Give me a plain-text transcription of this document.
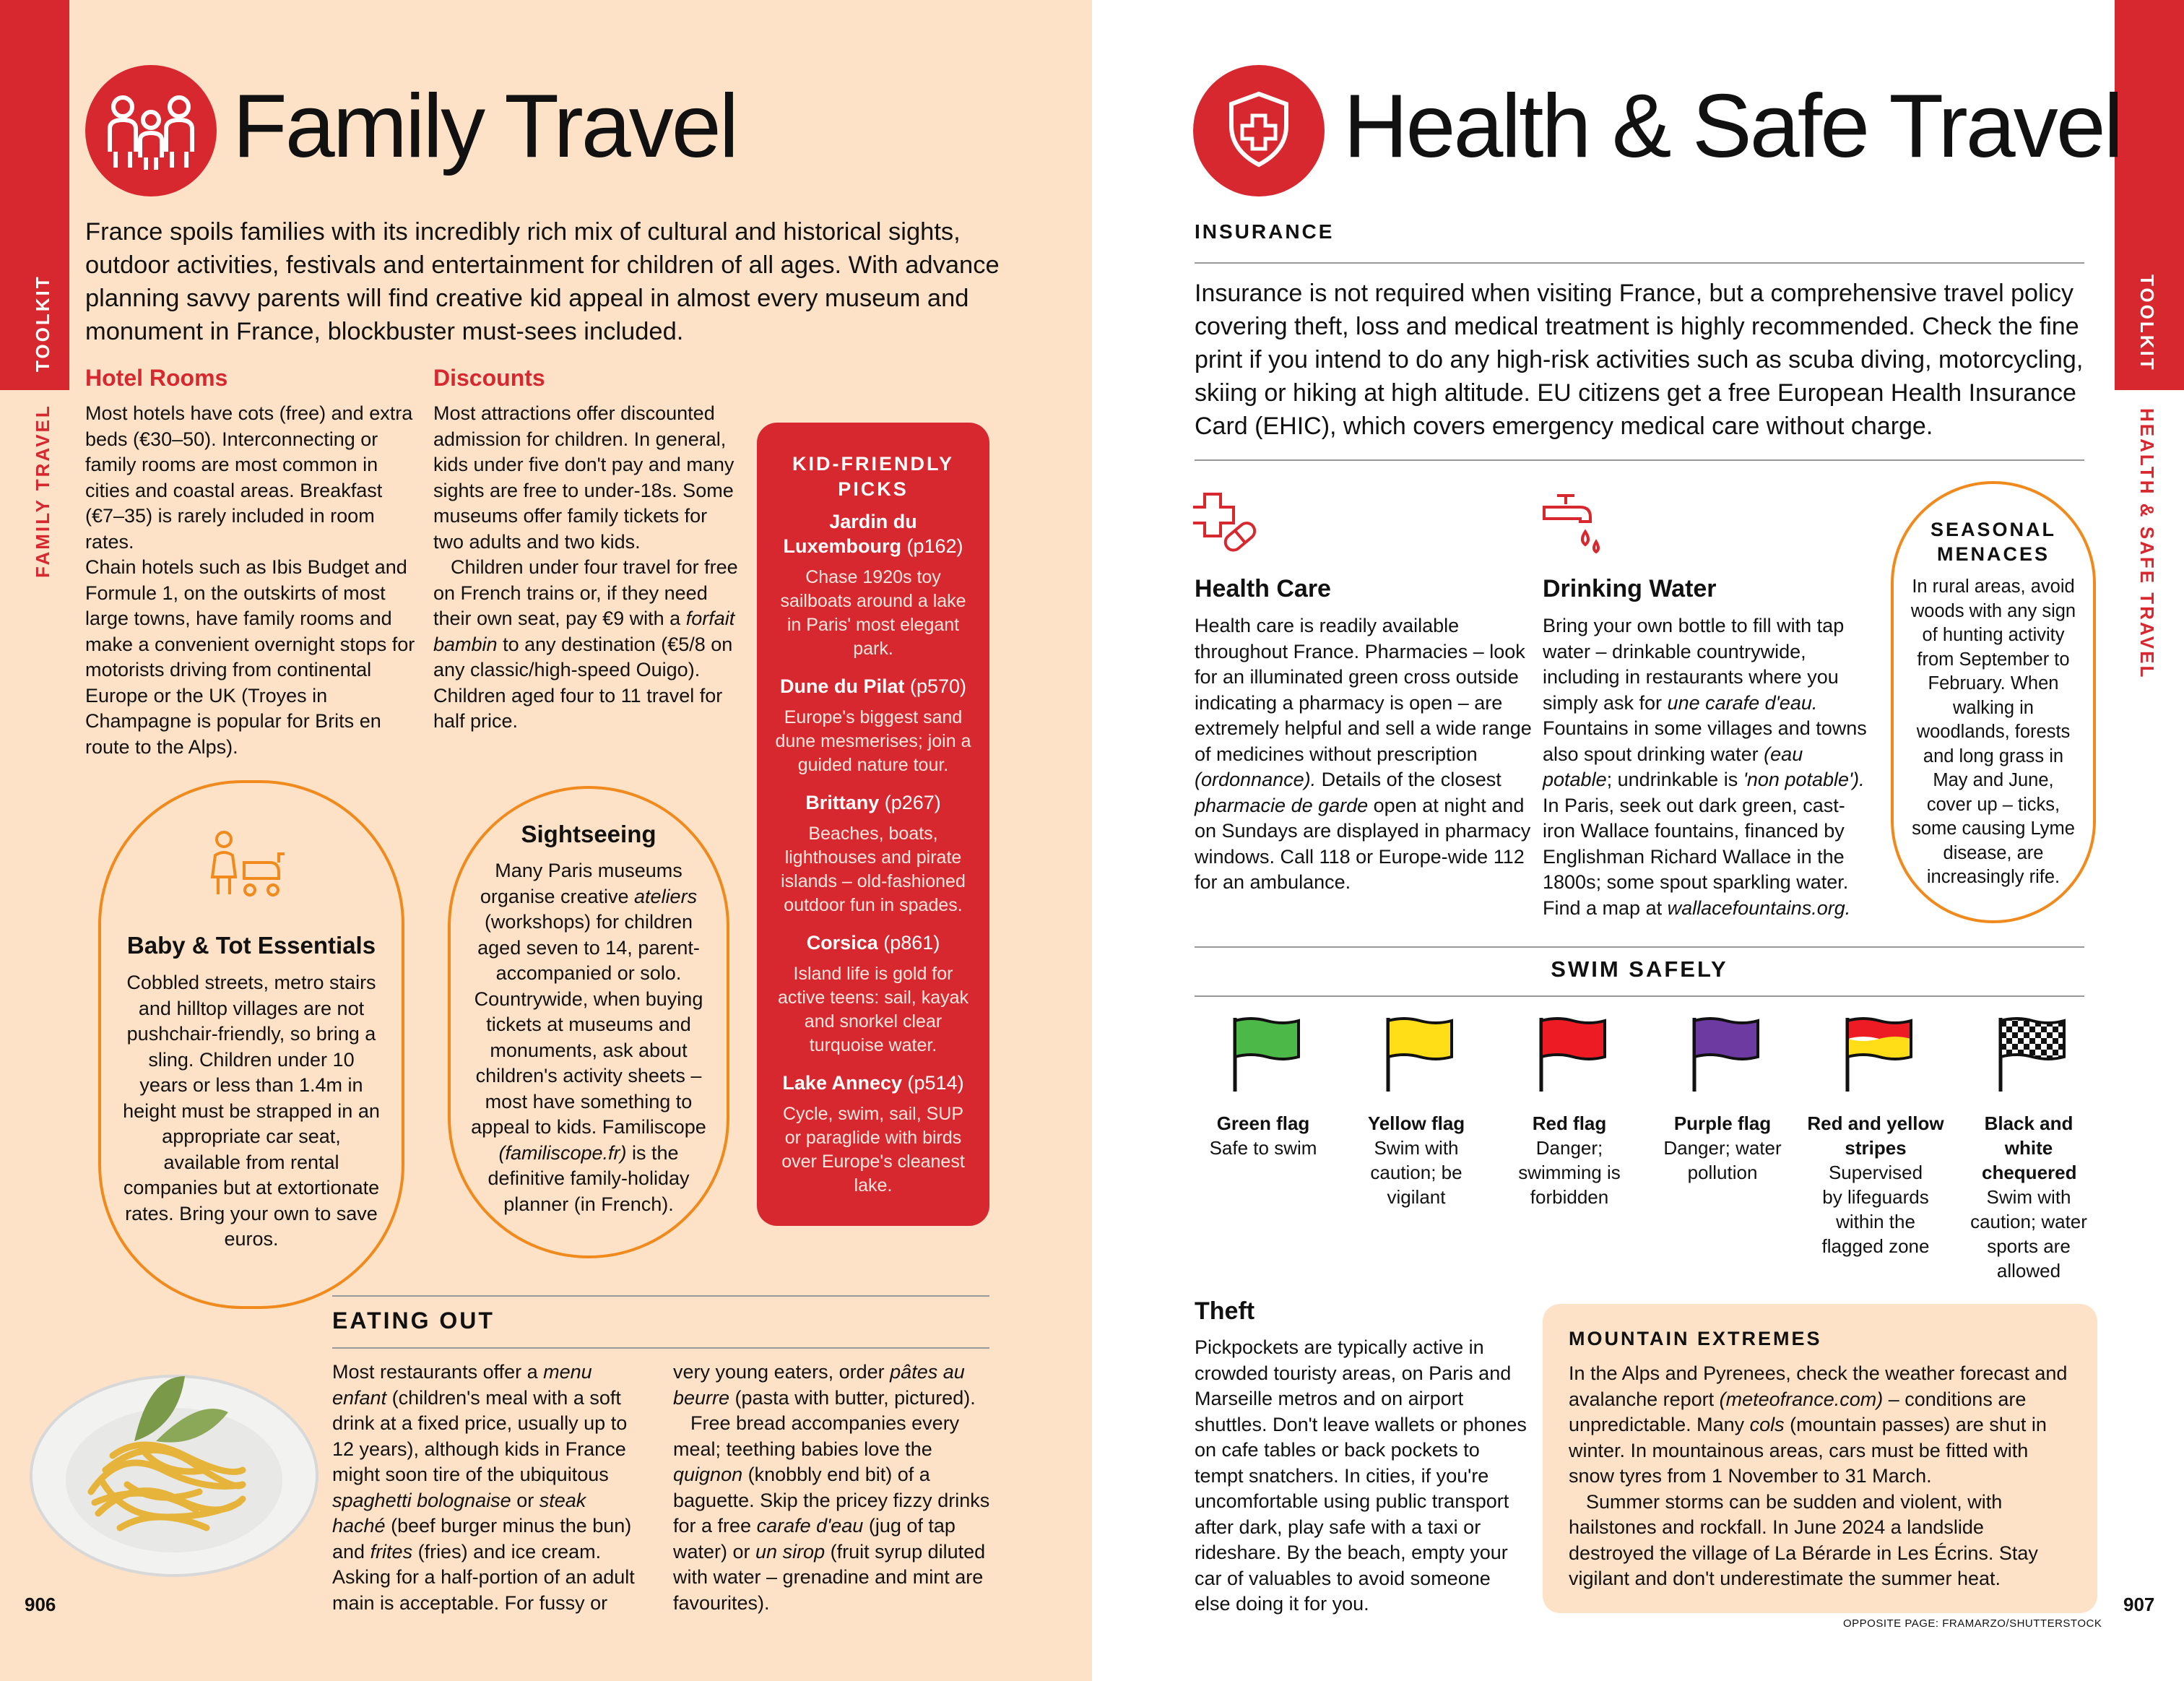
TOOLKIT
FAMILY TRAVEL
Family Travel
France spoils families with its incredibly rich mix of cultural and historical sights, outdoor activities, festivals and entertainment for children of all ages. With advance planning savvy parents will find creative kid appeal in almost every museum and monument in France, blockbuster must-sees included.
Hotel Rooms
Most hotels have cots (free) and extra beds (€30–50). Interconnecting or family rooms are most common in cities and coastal areas. Breakfast (€7–35) is rarely included in room rates.
Chain hotels such as Ibis Budget and Formule 1, on the outskirts of most large towns, have family rooms and make a convenient overnight stops for motorists driving from continental Europe or the UK (Troyes in Champagne is popular for Brits en route to the Alps).
Discounts
Most attractions offer discounted admission for children. In general, kids under five don't pay and many sights are free to under-18s. Some museums offer family tickets for two adults and two kids.
Children under four travel for free on French trains or, if they need their own seat, pay €9 with a forfait bambin to any destination (€5/8 on any classic/high-speed Ouigo). Children aged four to 11 travel for half price.
KID-FRIENDLY PICKS
Jardin du Luxembourg (p162)
Chase 1920s toy sailboats around a lake in Paris' most elegant park.
Dune du Pilat (p570)
Europe's biggest sand dune mesmerises; join a guided nature tour.
Brittany (p267)
Beaches, boats, lighthouses and pirate islands – old-fashioned outdoor fun in spades.
Corsica (p861)
Island life is gold for active teens: sail, kayak and snorkel clear turquoise water.
Lake Annecy (p514)
Cycle, swim, sail, SUP or paraglide with birds over Europe's cleanest lake.
Baby & Tot Essentials
Cobbled streets, metro stairs and hilltop villages are not pushchair-friendly, so bring a sling. Children under 10 years or less than 1.4m in height must be strapped in an appropriate car seat, available from rental companies but at extortionate rates. Bring your own to save euros.
Sightseeing
Many Paris museums organise creative ateliers (workshops) for children aged seven to 14, parent-accompanied or solo. Countrywide, when buying tickets at museums and monuments, ask about children's activity sheets – most have something to appeal to kids. Familiscope (familiscope.fr) is the definitive family-holiday planner (in French).
EATING OUT
Most restaurants offer a menu enfant (children's meal with a soft drink at a fixed price, usually up to 12 years), although kids in France might soon tire of the ubiquitous spaghetti bolognaise or steak haché (beef burger minus the bun) and frites (fries) and ice cream. Asking for a half-portion of an adult main is acceptable. For fussy or
very young eaters, order pâtes au beurre (pasta with butter, pictured).
Free bread accompanies every meal; teething babies love the quignon (knobbly end bit) of a baguette. Skip the pricey fizzy drinks for a free carafe d'eau (jug of tap water) or un sirop (fruit syrup diluted with water – grenadine and mint are favourites).
906
TOOLKIT
HEALTH & SAFE TRAVEL
Health & Safe Travel
INSURANCE
Insurance is not required when visiting France, but a comprehensive travel policy covering theft, loss and medical treatment is highly recommended. Check the fine print if you intend to do any high-risk activities such as scuba diving, motorcycling, skiing or hiking at high altitude. EU citizens get a free European Health Insurance Card (EHIC), which covers emergency medical care without charge.
Health Care
Health care is readily available throughout France. Pharmacies – look for an illuminated green cross outside indicating a pharmacy is open – are extremely helpful and sell a wide range of medicines without prescription (ordonnance). Details of the closest pharmacie de garde open at night and on Sundays are displayed in pharmacy windows. Call 118 or Europe-wide 112 for an ambulance.
Drinking Water
Bring your own bottle to fill with tap water – drinkable countrywide, including in restaurants where you simply ask for une carafe d'eau. Fountains in some villages and towns also spout drinking water (eau potable; undrinkable is 'non potable'). In Paris, seek out dark green, cast-iron Wallace fountains, financed by Englishman Richard Wallace in the 1800s; some spout sparkling water. Find a map at wallacefountains.org.
SEASONAL MENACES
In rural areas, avoid woods with any sign of hunting activity from September to February. When walking in woodlands, forests and long grass in May and June, cover up – ticks, some causing Lyme disease, are increasingly rife.
SWIM SAFELY
Green flag
Safe to swim
Yellow flag
Swim with caution; be vigilant
Red flag
Danger; swimming is forbidden
Purple flag
Danger; water pollution
Red and yellow stripes
Supervised by lifeguards within the flagged zone
Black and white chequered
Swim with caution; water sports are allowed
Theft
Pickpockets are typically active in crowded touristy areas, on Paris and Marseille metros and on airport shuttles. Don't leave wallets or phones on cafe tables or back pockets to tempt snatchers. In cities, if you're uncomfortable using public transport after dark, play safe with a taxi or rideshare. By the beach, empty your car of valuables to avoid someone else doing it for you.
MOUNTAIN EXTREMES
In the Alps and Pyrenees, check the weather forecast and avalanche report (meteofrance.com) – conditions are unpredictable. Many cols (mountain passes) are shut in winter. In mountainous areas, cars must be fitted with snow tyres from 1 November to 31 March.
Summer storms can be sudden and violent, with hailstones and rockfall. In June 2024 a landslide destroyed the village of La Bérarde in Les Écrins. Stay vigilant and don't underestimate the summer heat.
OPPOSITE PAGE: FRAMARZO/SHUTTERSTOCK
907
